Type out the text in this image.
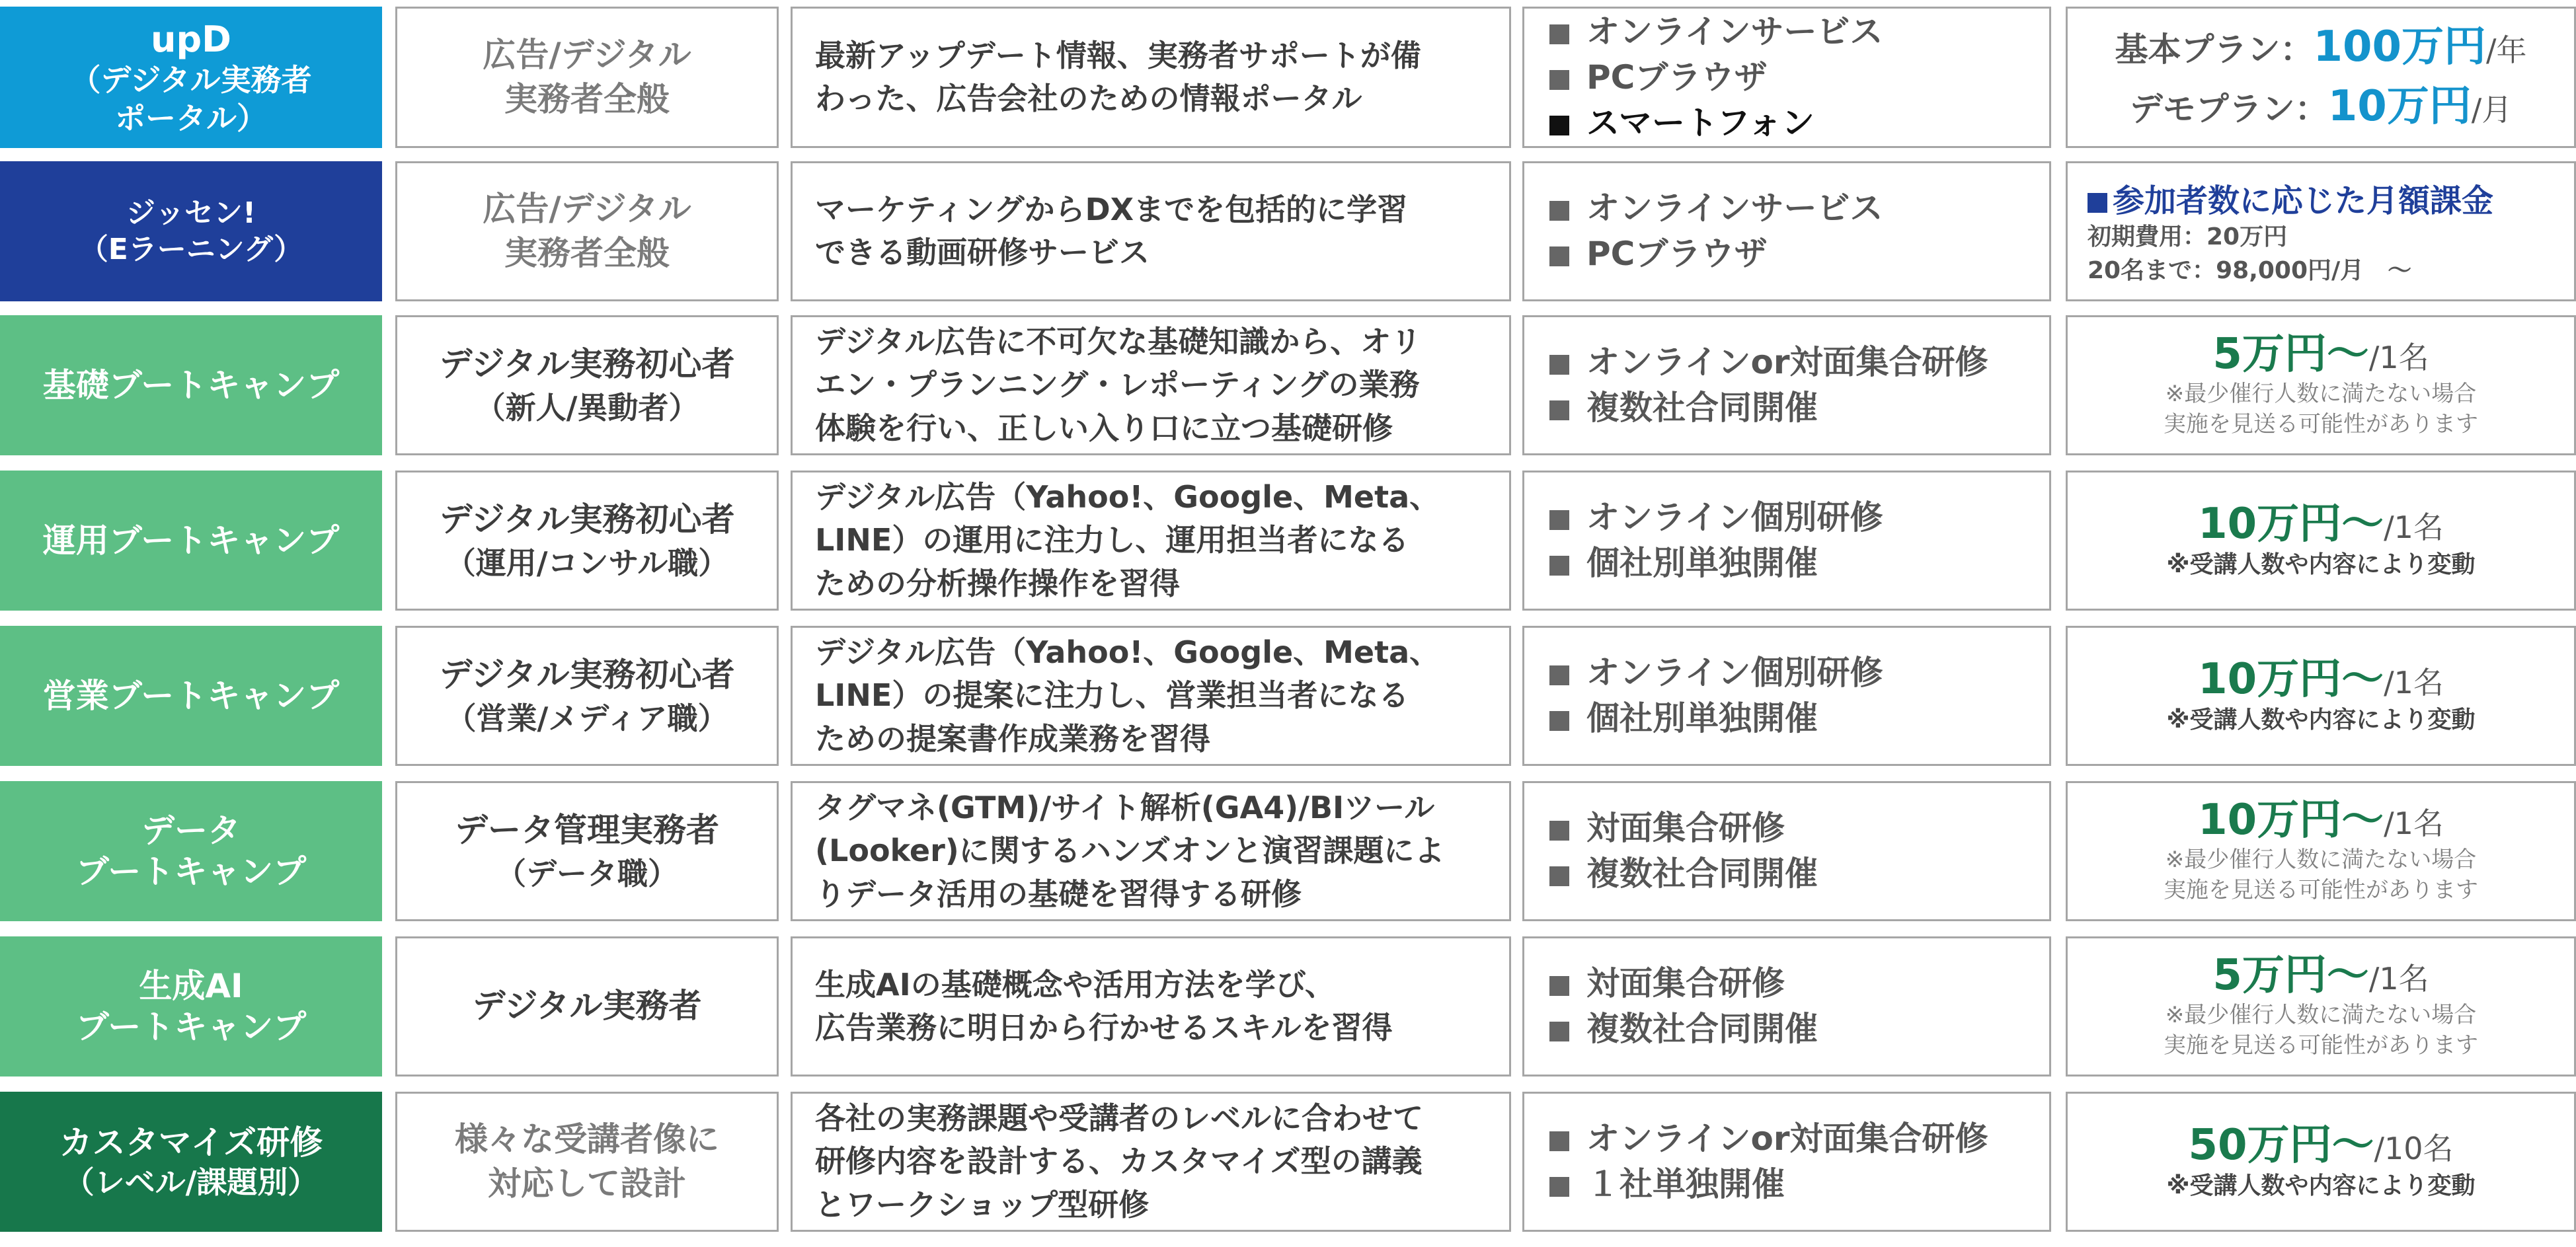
upD
（デジタル実務者
ポータル）
広告/デジタル
実務者全般
最新アップデート情報、実務者サポートが備
わった、広告会社のための情報ポータル
オンラインサービス
PCブラウザ
スマートフォン
基本プラン：100万円/年
デモプラン：10万円/月
ジッセン!
（Eラーニング）
広告/デジタル
実務者全般
マーケティングからDXまでを包括的に学習
できる動画研修サービス
オンラインサービス
PCブラウザ
参加者数に応じた月額課金
初期費用：20万円
20名まで：98,000円/月　～
基礎ブートキャンプ
デジタル実務初心者
（新人/異動者）
デジタル広告に不可欠な基礎知識から、オリ
エン・プランニング・レポーティングの業務
体験を行い、正しい入り口に立つ基礎研修
オンラインor対面集合研修
複数社合同開催
5万円～/1名
※最少催行人数に満たない場合
実施を見送る可能性があります
運用ブートキャンプ
デジタル実務初心者
（運用/コンサル職）
デジタル広告（Yahoo!、Google、Meta、
LINE）の運用に注力し、運用担当者になる
ための分析操作操作を習得
オンライン個別研修
個社別単独開催
10万円～/1名
※受講人数や内容により変動
営業ブートキャンプ
デジタル実務初心者
（営業/メディア職）
デジタル広告（Yahoo!、Google、Meta、
LINE）の提案に注力し、営業担当者になる
ための提案書作成業務を習得
オンライン個別研修
個社別単独開催
10万円～/1名
※受講人数や内容により変動
データ
ブートキャンプ
データ管理実務者
（データ職）
タグマネ(GTM)/サイト解析(GA4)/BIツール
(Looker)に関するハンズオンと演習課題によ
りデータ活用の基礎を習得する研修
対面集合研修
複数社合同開催
10万円～/1名
※最少催行人数に満たない場合
実施を見送る可能性があります
生成AI
ブートキャンプ
デジタル実務者
生成AIの基礎概念や活用方法を学び、
広告業務に明日から行かせるスキルを習得
対面集合研修
複数社合同開催
5万円～/1名
※最少催行人数に満たない場合
実施を見送る可能性があります
カスタマイズ研修
（レベル/課題別）
様々な受講者像に
対応して設計
各社の実務課題や受講者のレベルに合わせて
研修内容を設計する、カスタマイズ型の講義
とワークショップ型研修
オンラインor対面集合研修
１社単独開催
50万円～/10名
※受講人数や内容により変動
